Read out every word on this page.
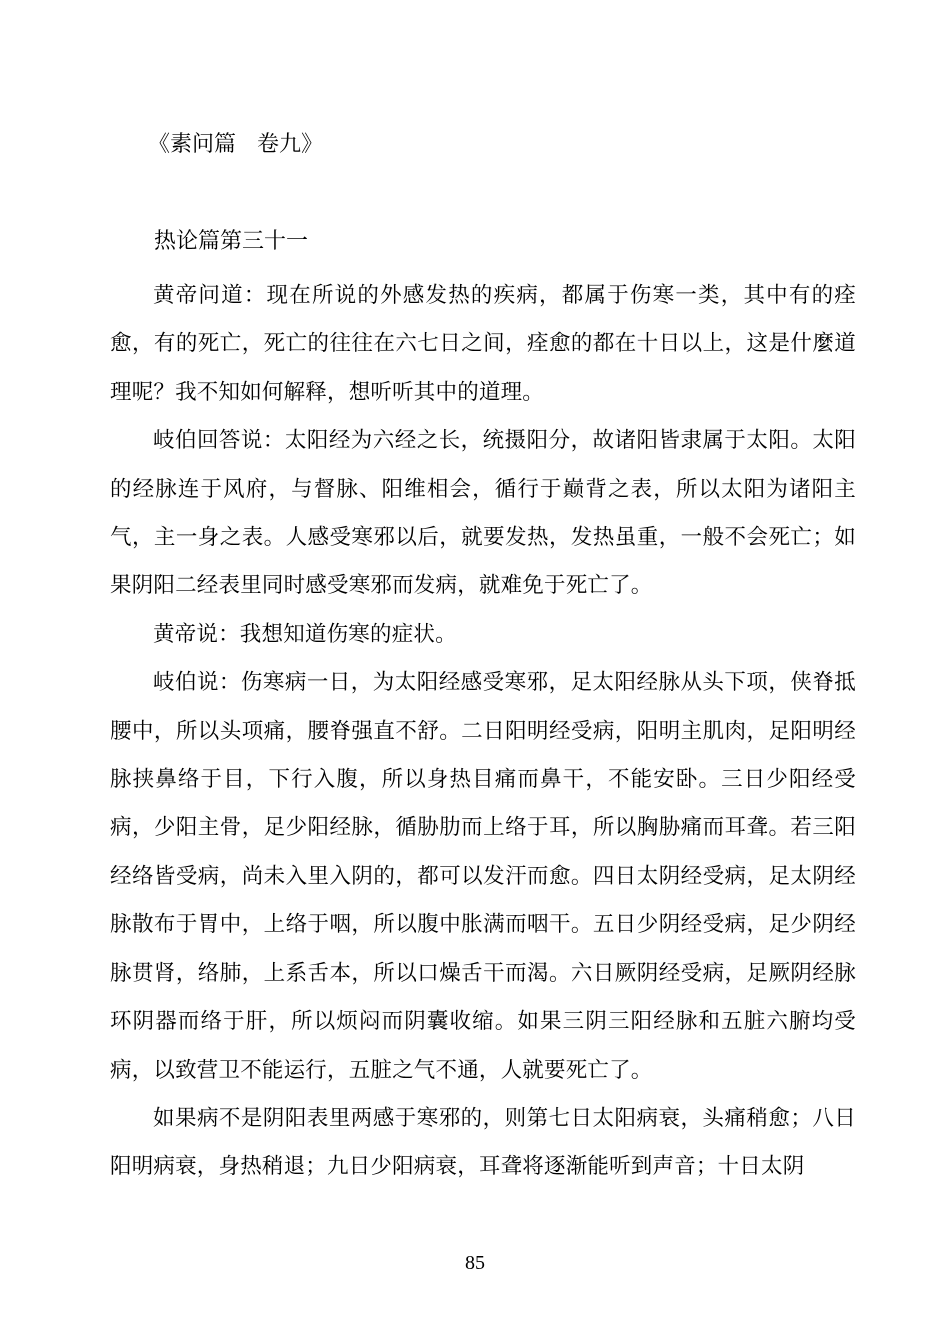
《素问篇   卷九》
热论篇第三十一

黄帝问道：现在所说的外感发热的疾病，都属于伤寒一类，其中有的痊愈，有的死亡，死亡的往往在六七日之间，痊愈的都在十日以上，这是什麼道理呢？我不知如何解释，想听听其中的道理。

岐伯回答说：太阳经为六经之长，统摄阳分，故诸阳皆隶属于太阳。太阳的经脉连于风府，与督脉、阳维相会，循行于巅背之表，所以太阳为诸阳主气，主一身之表。人感受寒邪以后，就要发热，发热虽重，一般不会死亡；如果阴阳二经表里同时感受寒邪而发病，就难免于死亡了。

黄帝说：我想知道伤寒的症状。

岐伯说：伤寒病一日，为太阳经感受寒邪，足太阳经脉从头下项，侠脊抵腰中，所以头项痛，腰脊强直不舒。二日阳明经受病，阳明主肌肉，足阳明经脉挟鼻络于目，下行入腹，所以身热目痛而鼻干，不能安卧。三日少阳经受病，少阳主骨，足少阳经脉，循胁肋而上络于耳，所以胸胁痛而耳聋。若三阳经络皆受病，尚未入里入阴的，都可以发汗而愈。四日太阴经受病，足太阴经脉散布于胃中，上络于咽，所以腹中胀满而咽干。五日少阴经受病，足少阴经脉贯肾，络肺，上系舌本，所以口燥舌干而渴。六日厥阴经受病，足厥阴经脉环阴器而络于肝，所以烦闷而阴囊收缩。如果三阴三阳经脉和五脏六腑均受病，以致营卫不能运行，五脏之气不通，人就要死亡了。

如果病不是阴阳表里两感于寒邪的，则第七日太阳病衰，头痛稍愈；八日阳明病衰，身热稍退；九日少阳病衰，耳聋将逐渐能听到声音；十日太阴

85
